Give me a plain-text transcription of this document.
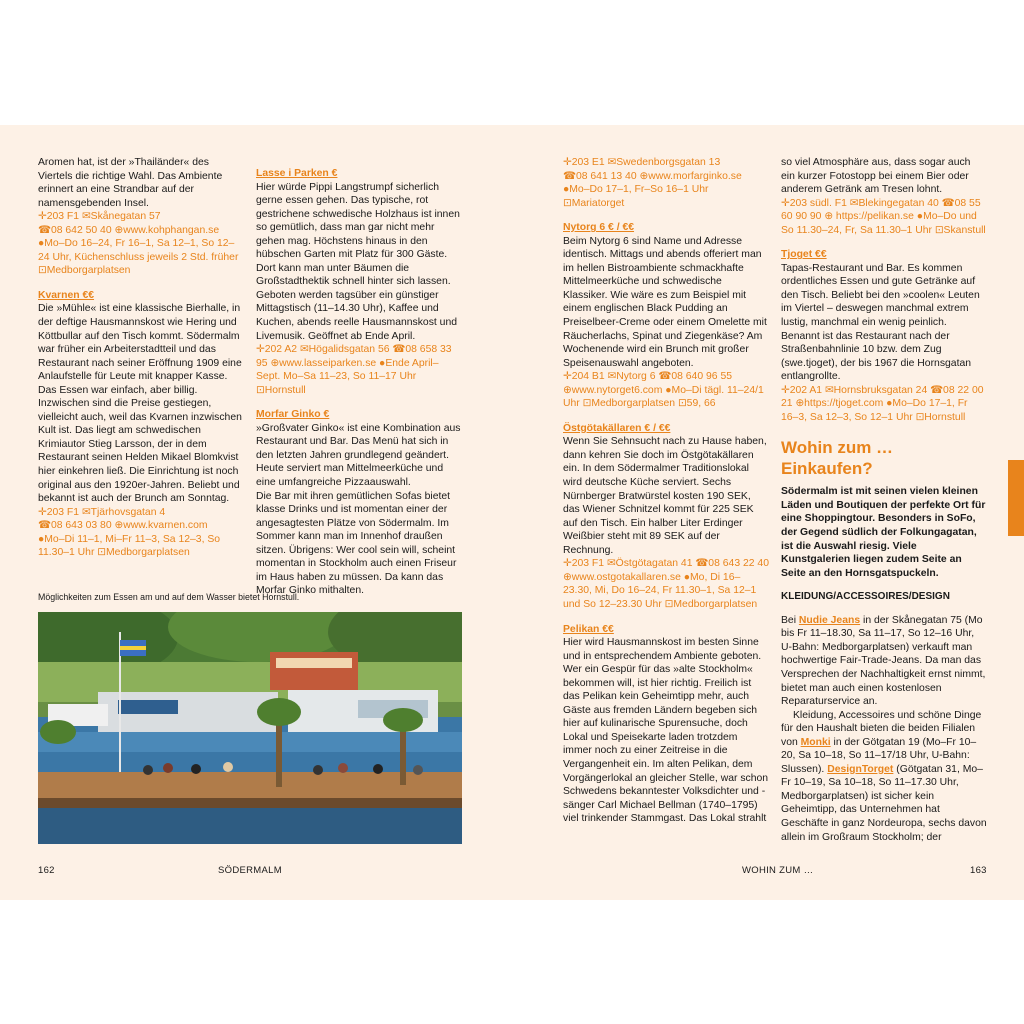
Aromen hat, ist der »Thailänder« des Viertels die richtige Wahl. Das Ambiente erinnert an eine Strandbar auf der namensgebenden Insel.

✛203 F1 ✉Skånegatan 57

☎08 642 50 40 ⊕www.kohphangan.se

●Mo–Do 16–24, Fr 16–1, Sa 12–1, So 12–24 Uhr, Küchenschluss jeweils 2 Std. früher ⊡Medborgarplatsen

Kvarnen €€

Die »Mühle« ist eine klassische Bierhalle, in der deftige Hausmannskost wie Hering und Köttbullar auf den Tisch kommt. Södermalm war früher ein Arbeiterstadtteil und das Restaurant nach seiner Eröffnung 1909 eine Anlaufstelle für Leute mit knapper Kasse. Das Essen war einfach, aber billig. Inzwischen sind die Preise gestiegen, vielleicht auch, weil das Kvarnen inzwischen Kult ist. Das liegt am schwedischen Krimiautor Stieg Larsson, der in dem Restaurant seinen Helden Mikael Blomkvist hier einkehren ließ. Die Einrichtung ist noch original aus den 1920er-Jahren. Beliebt und bekannt ist auch der Brunch am Sonntag.

✛203 F1 ✉Tjärhovsgatan 4

☎08 643 03 80 ⊕www.kvarnen.com

●Mo–Di 11–1, Mi–Fr 11–3, Sa 12–3, So 11.30–1 Uhr ⊡Medborgarplatsen

Lasse i Parken €

Hier würde Pippi Langstrumpf sicherlich gerne essen gehen. Das typische, rot gestrichene schwedische Holzhaus ist innen so gemütlich, dass man gar nicht mehr gehen mag. Höchstens hinaus in den hübschen Garten mit Platz für 300 Gäste. Dort kann man unter Bäumen die Großstadthektik schnell hinter sich lassen. Geboten werden tagsüber ein günstiger Mittagstisch (11–14.30 Uhr), Kaffee und Kuchen, abends reelle Hausmannskost und Livemusik. Geöffnet ab Ende April.

✛202 A2 ✉Högalidsgatan 56 ☎08 658 33 95 ⊕www.lasseiparken.se ●Ende April–Sept. Mo–Sa 11–23, So 11–17 Uhr ⊡Hornstull

Morfar Ginko €

»Großvater Ginko« ist eine Kombination aus Restaurant und Bar. Das Menü hat sich in den letzten Jahren grundlegend geändert. Heute serviert man Mittelmeerküche und eine umfangreiche Pizzaauswahl.

Die Bar mit ihren gemütlichen Sofas bietet klasse Drinks und ist momentan einer der angesagtesten Plätze von Södermalm. Im Sommer kann man im Innenhof draußen sitzen. Übrigens: Wer cool sein will, scheint momentan in Stockholm auch einen Friseur im Haus haben zu müssen. Da kann das Morfar Ginko mithalten.

✛203 E1 ✉Swedenborgsgatan 13

☎08 641 13 40 ⊕www.morfarginko.se

●Mo–Do 17–1, Fr–So 16–1 Uhr ⊡Mariatorget

Nytorg 6 € / €€

Beim Nytorg 6 sind Name und Adresse identisch. Mittags und abends offeriert man im hellen Bistroambiente schmackhafte Mittelmeerküche und schwedische Klassiker. Wie wäre es zum Beispiel mit einem englischen Black Pudding an Preiselbeer-Creme oder einem Omelette mit Räucherlachs, Spinat und Ziegenkäse? Am Wochenende wird ein Brunch mit großer Speisenauswahl angeboten.

✛204 B1 ✉Nytorg 6 ☎08 640 96 55 ⊕www.nytorget6.com ●Mo–Di tägl. 11–24/1 Uhr ⊡Medborgarplatsen ⊡59, 66

Östgötakällaren € / €€

Wenn Sie Sehnsucht nach zu Hause haben, dann kehren Sie doch im Östgötakällaren ein. In dem Södermalmer Traditionslokal wird deutsche Küche serviert. Sechs Nürnberger Bratwürstel kosten 190 SEK, das Wiener Schnitzel kommt für 225 SEK auf den Tisch. Ein halber Liter Erdinger Weißbier steht mit 89 SEK auf der Rechnung.

✛203 F1 ✉Östgötagatan 41 ☎08 643 22 40 ⊕www.ostgotakallaren.se ●Mo, Di 16–23.30, Mi, Do 16–24, Fr 11.30–1, Sa 12–1 und So 12–23.30 Uhr ⊡Medborgarplatsen

Pelikan €€

Hier wird Hausmannskost im besten Sinne und in entsprechendem Ambiente geboten. Wer ein Gespür für das »alte Stockholm« bekommen will, ist hier richtig. Freilich ist das Pelikan kein Geheimtipp mehr, auch Gäste aus fremden Ländern begeben sich hier auf kulinarische Spurensuche, doch Lokal und Speisekarte laden trotzdem immer noch zu einer Zeitreise in die Vergangenheit ein. Im alten Pelikan, dem Vorgängerlokal an gleicher Stelle, war schon Schwedens bekanntester Volksdichter und -sänger Carl Michael Bellman (1740–1795) viel trinkender Stammgast. Das Lokal strahlt

so viel Atmosphäre aus, dass sogar auch ein kurzer Fotostopp bei einem Bier oder anderem Getränk am Tresen lohnt.

✛203 südl. F1 ✉Blekingegatan 40 ☎08 55 60 90 90 ⊕ https://pelikan.se ●Mo–Do und So 11.30–24, Fr, Sa 11.30–1 Uhr ⊡Skanstull

Tjoget €€

Tapas-Restaurant und Bar. Es kommen ordentliches Essen und gute Getränke auf den Tisch. Beliebt bei den »coolen« Leuten im Viertel – deswegen manchmal extrem lustig, manchmal ein wenig peinlich. Benannt ist das Restaurant nach der Straßenbahnlinie 10 bzw. dem Zug (swe.tjoget), der bis 1967 die Hornsgatan entlangrollte.

✛202 A1 ✉Hornsbruksgatan 24 ☎08 22 00 21 ⊕https://tjoget.com ●Mo–Do 17–1, Fr 16–3, Sa 12–3, So 12–1 Uhr ⊡Hornstull

Wohin zum … Einkaufen?

Södermalm ist mit seinen vielen kleinen Läden und Boutiquen der perfekte Ort für eine Shoppingtour. Besonders in SoFo, der Gegend südlich der Folkungagatan, ist die Auswahl riesig. Viele Kunstgalerien liegen zudem Seite an Seite an den Hornsgatspuckeln.

KLEIDUNG/ACCESSOIRES/DESIGN

Bei Nudie Jeans in der Skånegatan 75 (Mo bis Fr 11–18.30, Sa 11–17, So 12–16 Uhr, U-Bahn: Medborgarplatsen) verkauft man hochwertige Fair-Trade-Jeans. Da man das Versprechen der Nachhaltigkeit ernst nimmt, bietet man auch einen kostenlosen Reparaturservice an.

Kleidung, Accessoires und schöne Dinge für den Haushalt bieten die beiden Filialen von Monki in der Götgatan 19 (Mo–Fr 10–20, Sa 10–18, So 11–17/18 Uhr, U-Bahn: Slussen). DesignTorget (Götgatan 31, Mo–Fr 10–19, Sa 10–18, So 11–17.30 Uhr, Medborgarplatsen) ist sicher kein Geheimtipp, das Unternehmen hat Geschäfte in ganz Nordeuropa, sechs davon allein im Großraum Stockholm; der

Möglichkeiten zum Essen am und auf dem Wasser bietet Hornstull.
162	SÖDERMALM	WOHIN ZUM …	163
